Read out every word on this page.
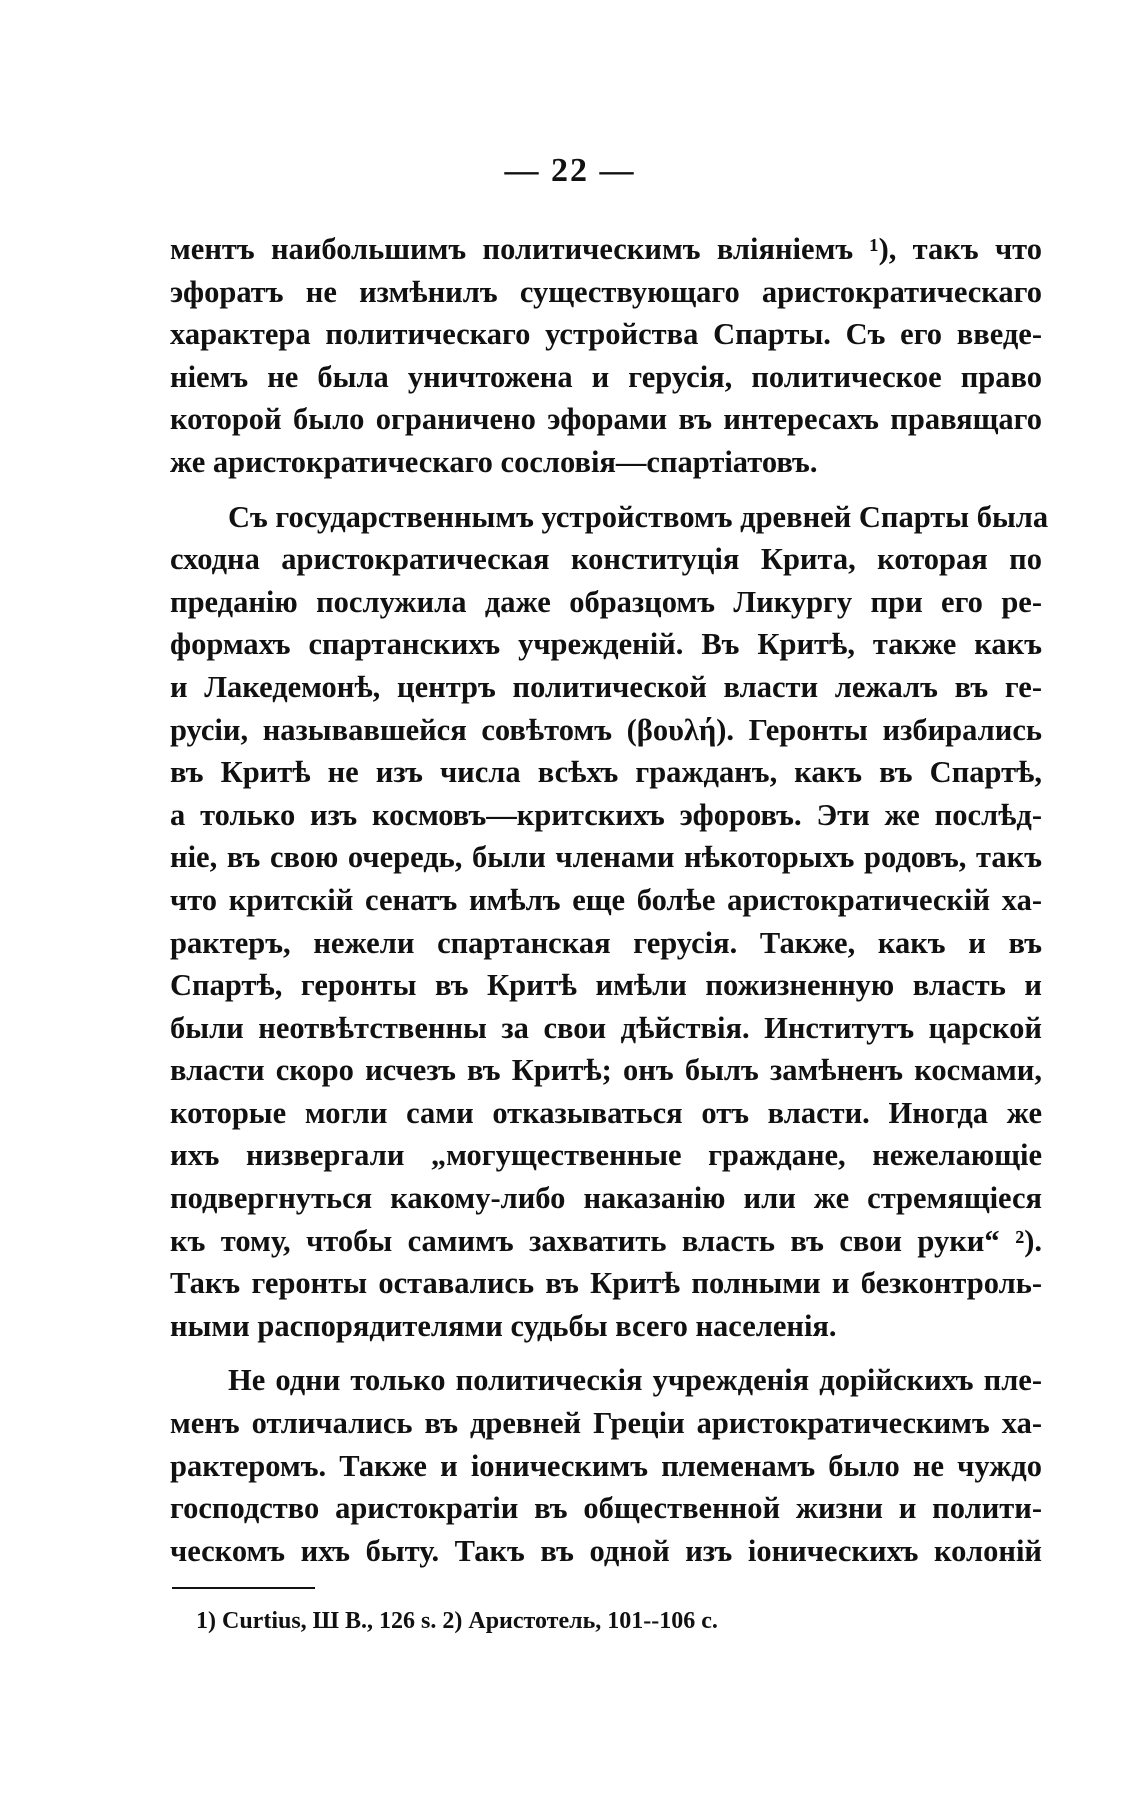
— 22 —
ментъ наибольшимъ политическимъ вліяніемъ ¹), такъ что
эфоратъ не измѣнилъ существующаго аристократическаго
характера политическаго устройства Спарты. Съ его введе-
ніемъ не была уничтожена и герусія, политическое право
которой было ограничено эфорами въ интересахъ правящаго
же аристократическаго сословія—спартіатовъ.
Съ государственнымъ устройствомъ древней Спарты была
сходна аристократическая конституція Крита, которая по
преданію послужила даже образцомъ Ликургу при его ре-
формахъ спартанскихъ учрежденій. Въ Критѣ, также какъ
и Лакедемонѣ, центръ политической власти лежалъ въ ге-
русіи, называвшейся совѣтомъ (βουλή). Геронты избирались
въ Критѣ не изъ числа всѣхъ гражданъ, какъ въ Спартѣ,
а только изъ космовъ—критскихъ эфоровъ. Эти же послѣд-
ніе, въ свою очередь, были членами нѣкоторыхъ родовъ, такъ
что критскій сенатъ имѣлъ еще болѣе аристократическій ха-
рактеръ, нежели спартанская герусія. Также, какъ и въ
Спартѣ, геронты въ Критѣ имѣли пожизненную власть и
были неотвѣтственны за свои дѣйствія. Институтъ царской
власти скоро исчезъ въ Критѣ; онъ былъ замѣненъ космами,
которые могли сами отказываться отъ власти. Иногда же
ихъ низвергали „могущественные граждане, нежелающіе
подвергнуться какому-либо наказанію или же стремящіеся
къ тому, чтобы самимъ захватить власть въ свои руки“ ²).
Такъ геронты оставались въ Критѣ полными и безконтроль-
ными распорядителями судьбы всего населенія.
Не одни только политическія учрежденія дорійскихъ пле-
менъ отличались въ древней Греціи аристократическимъ ха-
рактеромъ. Также и іоническимъ племенамъ было не чуждо
господство аристократіи въ общественной жизни и полити-
ческомъ ихъ быту. Такъ въ одной изъ іоническихъ колоній
1) Curtius, Ш В., 126 s. 2) Аристотель, 101--106 с.
